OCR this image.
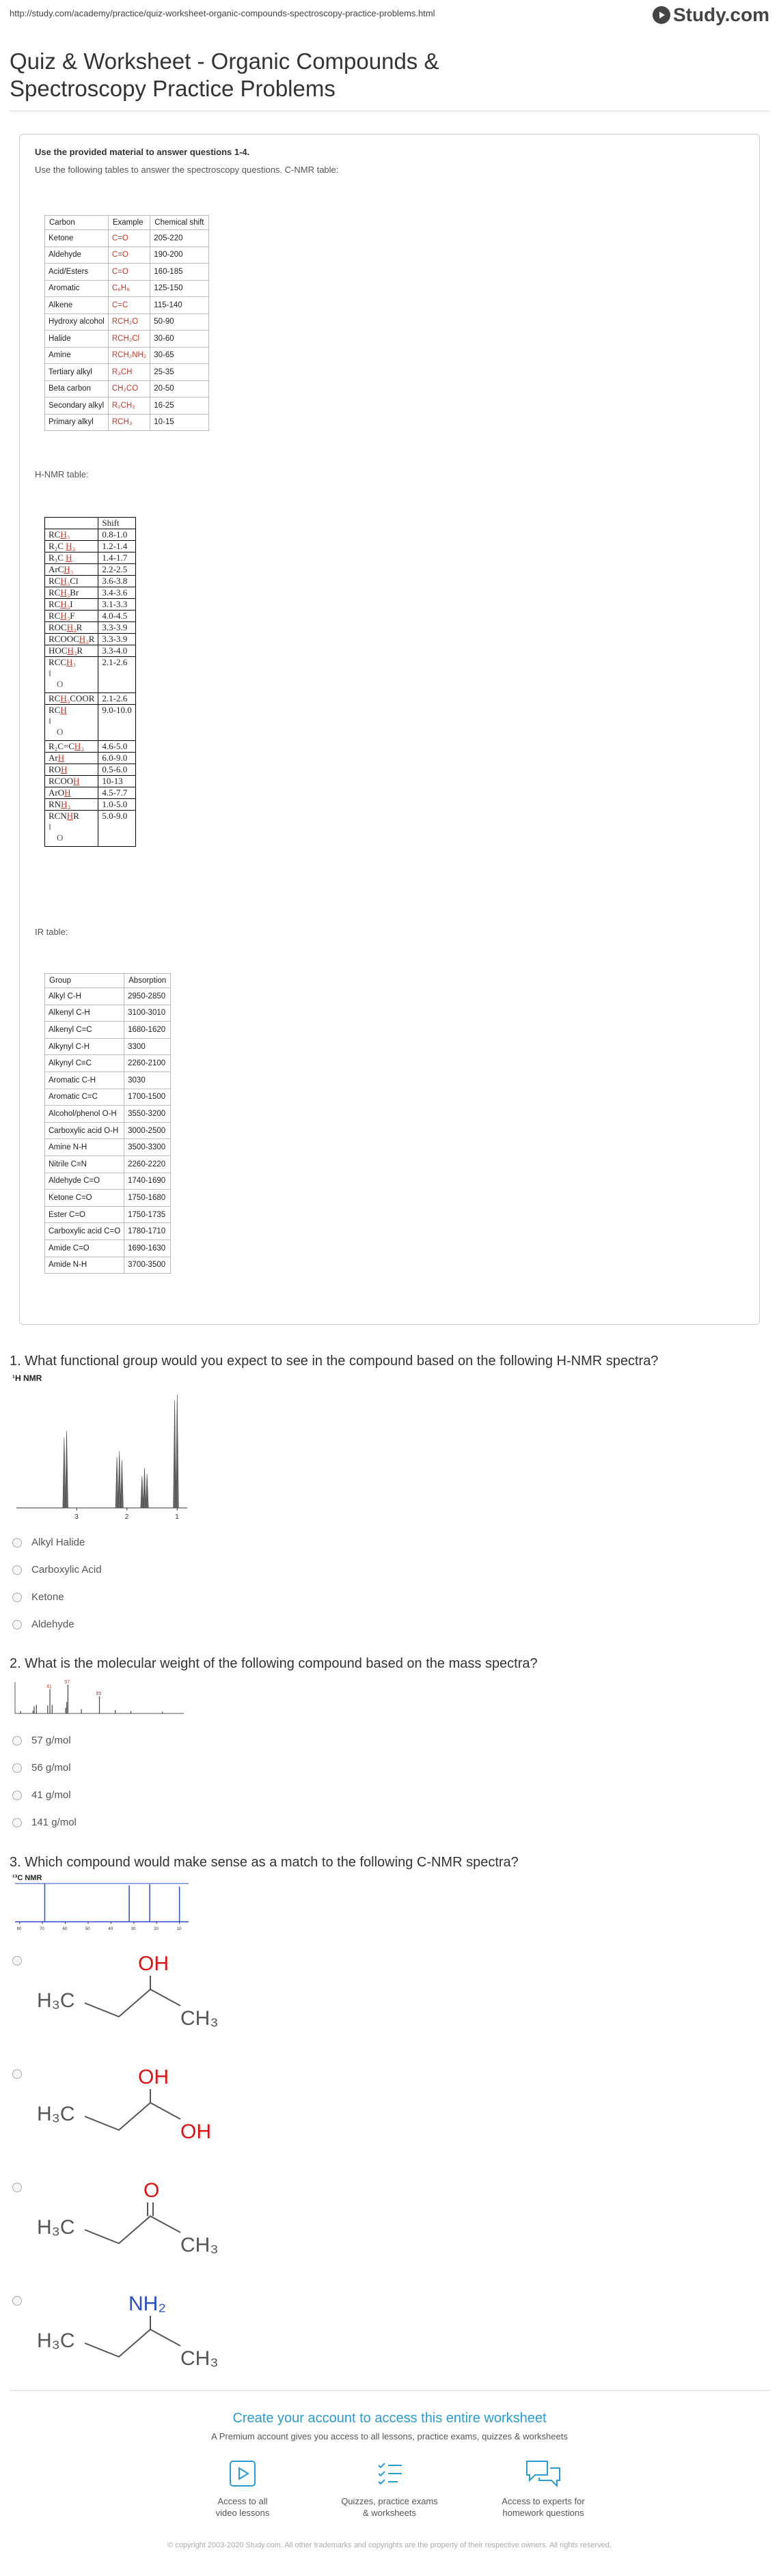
http://study.com/academy/practice/quiz-worksheet-organic-compounds-spectroscopy-practice-problems.html	Study.com
Quiz & Worksheet - Organic Compounds & Spectroscopy Practice Problems
Use the provided material to answer questions 1-4.
Use the following tables to answer the spectroscopy questions. C-NMR table:
Carbon	Example	Chemical shift
Ketone	C=O	205-220
Aldehyde	C=O	190-200
Acid/Esters	C=O	160-185
Aromatic	C₆H₆	125-150
Alkene	C=C	115-140
Hydroxy alcohol	RCH₂O	50-90
Halide	RCH₂Cl	30-60
Amine	RCH₂NH₂	30-65
Tertiary alkyl	R₃CH	25-35
Beta carbon	CH₂CO	20-50
Secondary alkyl	R₂CH₂	16-25
Primary alkyl	RCH₃	10-15
H-NMR table:
	Shift
RCH₃	0.8-1.0
R₂C H₂	1.2-1.4
R₃C H	1.4-1.7
ArCH₃	2.2-2.5
RCH₂Cl	3.6-3.8
RCH₂Br	3.4-3.6
RCH₂I	3.1-3.3
RCH₂F	4.0-4.5
ROCH₂R	3.3-3.9
RCOOCH₂R	3.3-3.9
HOCH₂R	3.3-4.0
RCCH₃
‖
O	2.1-2.6
RCH₂COOR	2.1-2.6
RCH
‖
O	9.0-10.0
R₂C=CH₂	4.6-5.0
ArH	6.0-9.0
ROH	0.5-6.0
RCOOH	10-13
ArOH	4.5-7.7
RNH₂	1.0-5.0
RCNHR
‖
O	5.0-9.0
IR table:
Group	Absorption
Alkyl C-H	2950-2850
Alkenyl C-H	3100-3010
Alkenyl C=C	1680-1620
Alkynyl C-H	3300
Alkynyl C≡C	2260-2100
Aromatic C-H	3030
Aromatic C=C	1700-1500
Alcohol/phenol O-H	3550-3200
Carboxylic acid O-H	3000-2500
Amine N-H	3500-3300
Nitrile C≡N	2260-2220
Aldehyde C=O	1740-1690
Ketone C=O	1750-1680
Ester C=O	1750-1735
Carboxylic acid C=O	1780-1710
Amide C=O	1690-1630
Amide N-H	3700-3500
1. What functional group would you expect to see in the compound based on the following H-NMR spectra?
¹H NMR
3	2	1
Alkyl Halide
Carboxylic Acid
Ketone
Aldehyde
2. What is the molecular weight of the following compound based on the mass spectra?
41
57
85
57 g/mol
56 g/mol
41 g/mol
141 g/mol
3. Which compound would make sense as a match to the following C-NMR spectra?
¹³C NMR
80	70	60	50	40	30	20	10
H₃C
OH
CH₃
H₃C
OH
OH
H₃C
O
CH₃
H₃C
NH₂
CH₃
Create your account to access this entire worksheet
A Premium account gives you access to all lessons, practice exams, quizzes & worksheets
Access to all
video lessons
Quizzes, practice exams
& worksheets
Access to experts for
homework questions
© copyright 2003-2020 Study.com. All other trademarks and copyrights are the property of their respective owners. All rights reserved.
